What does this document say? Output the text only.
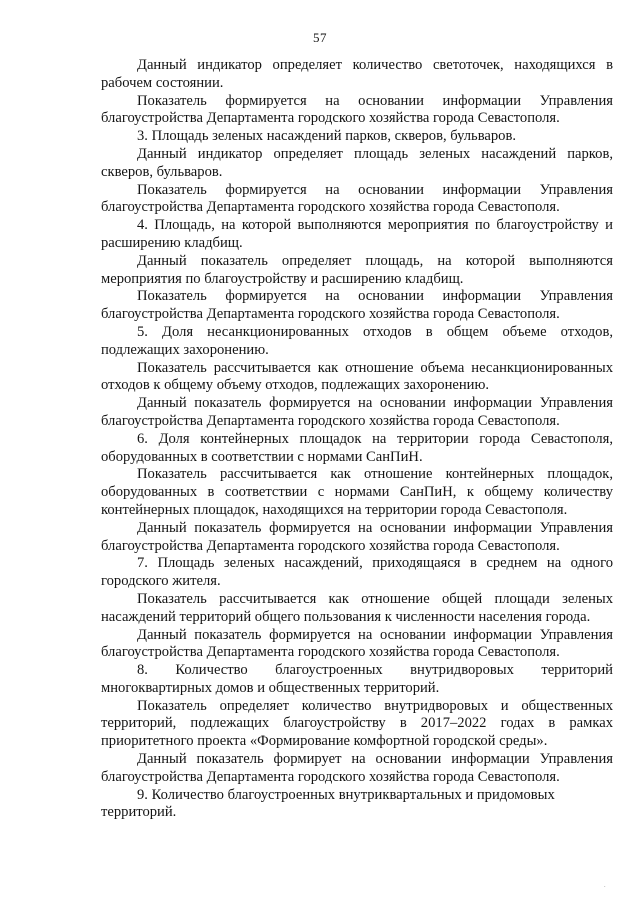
57

Данный индикатор определяет количество светоточек, находящихся в рабочем состоянии.

Показатель формируется на основании информации Управления благоустройства Департамента городского хозяйства города Севастополя.

3. Площадь зеленых насаждений парков, скверов, бульваров.

Данный индикатор определяет площадь зеленых насаждений парков, скверов, бульваров.

Показатель формируется на основании информации Управления благоустройства Департамента городского хозяйства города Севастополя.

4. Площадь, на которой выполняются мероприятия по благоустройству и расширению кладбищ.

Данный показатель определяет площадь, на которой выполняются мероприятия по благоустройству и расширению кладбищ.

Показатель формируется на основании информации Управления благоустройства Департамента городского хозяйства города Севастополя.

5. Доля несанкционированных отходов в общем объеме отходов, подлежащих захоронению.

Показатель рассчитывается как отношение объема несанкционированных отходов к общему объему отходов, подлежащих захоронению.

Данный показатель формируется на основании информации Управления благоустройства Департамента городского хозяйства города Севастополя.

6. Доля контейнерных площадок на территории города Севастополя, оборудованных в соответствии с нормами СанПиН.

Показатель рассчитывается как отношение контейнерных площадок, оборудованных в соответствии с нормами СанПиН, к общему количеству контейнерных площадок, находящихся на территории города Севастополя.

Данный показатель формируется на основании информации Управления благоустройства Департамента городского хозяйства города Севастополя.

7. Площадь зеленых насаждений, приходящаяся в среднем на одного городского жителя.

Показатель рассчитывается как отношение общей площади зеленых насаждений территорий общего пользования к численности населения города.

Данный показатель формируется на основании информации Управления благоустройства Департамента городского хозяйства города Севастополя.

8. Количество благоустроенных внутридворовых территорий многоквартирных домов и общественных территорий.

Показатель определяет количество внутридворовых и общественных территорий, подлежащих благоустройству в 2017–2022 годах в рамках приоритетного проекта «Формирование комфортной городской среды».

Данный показатель формирует на основании информации Управления благоустройства Департамента городского хозяйства города Севастополя.

9. Количество благоустроенных внутриквартальных и придомовых территорий.

·
